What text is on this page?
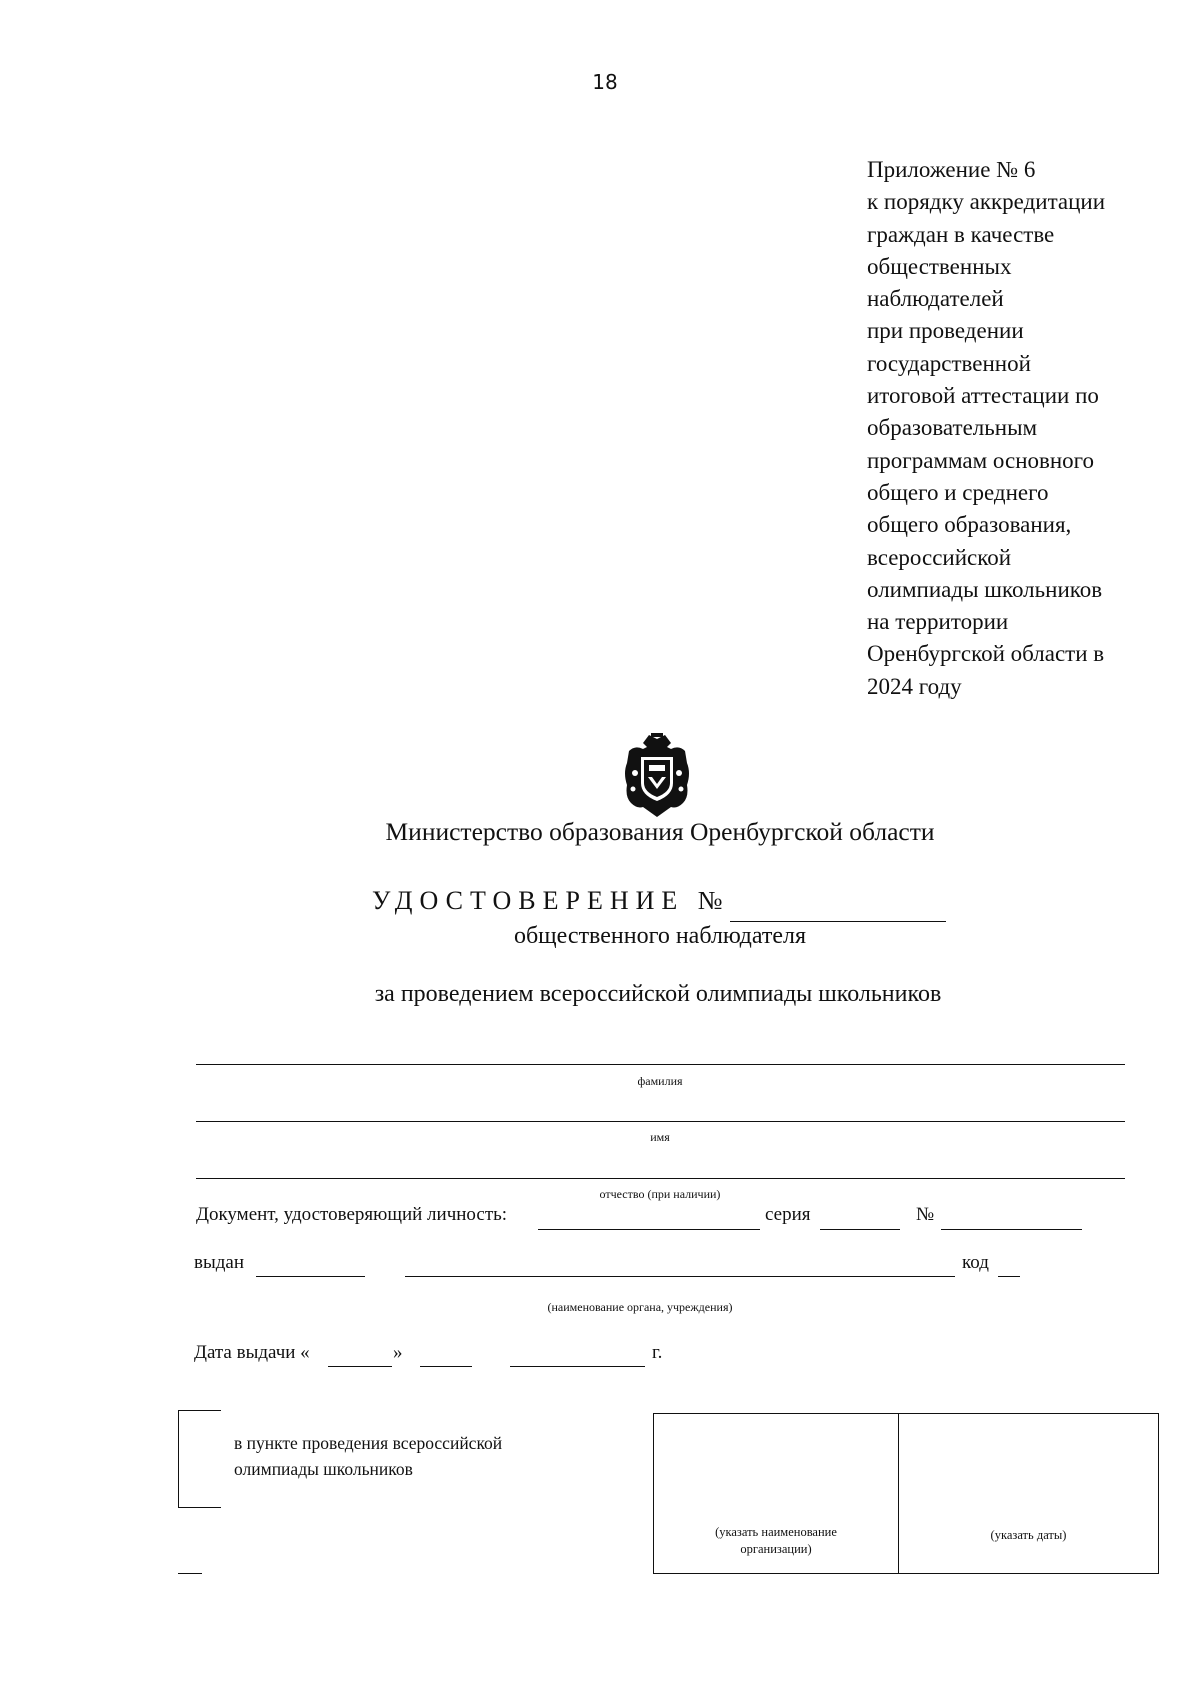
18
Приложение № 6
к порядку аккредитации
граждан в качестве
общественных
наблюдателей
при проведении
государственной
итоговой аттестации по
образовательным
программам основного
общего и среднего
общего образования,
всероссийской
олимпиады школьников
на территории
Оренбургской области в
2024 году
Министерство образования Оренбургской области
УДОСТОВЕРЕНИЕ №
общественного наблюдателя
за проведением всероссийской олимпиады школьников
фамилия
имя
отчество (при наличии)
Документ, удостоверяющий личность:	серия	№
выдан	код
(наименование органа, учреждения)
Дата выдачи «	»	г.
в пункте проведения всероссийской
олимпиады школьников
(указать наименование
организации)
(указать даты)
